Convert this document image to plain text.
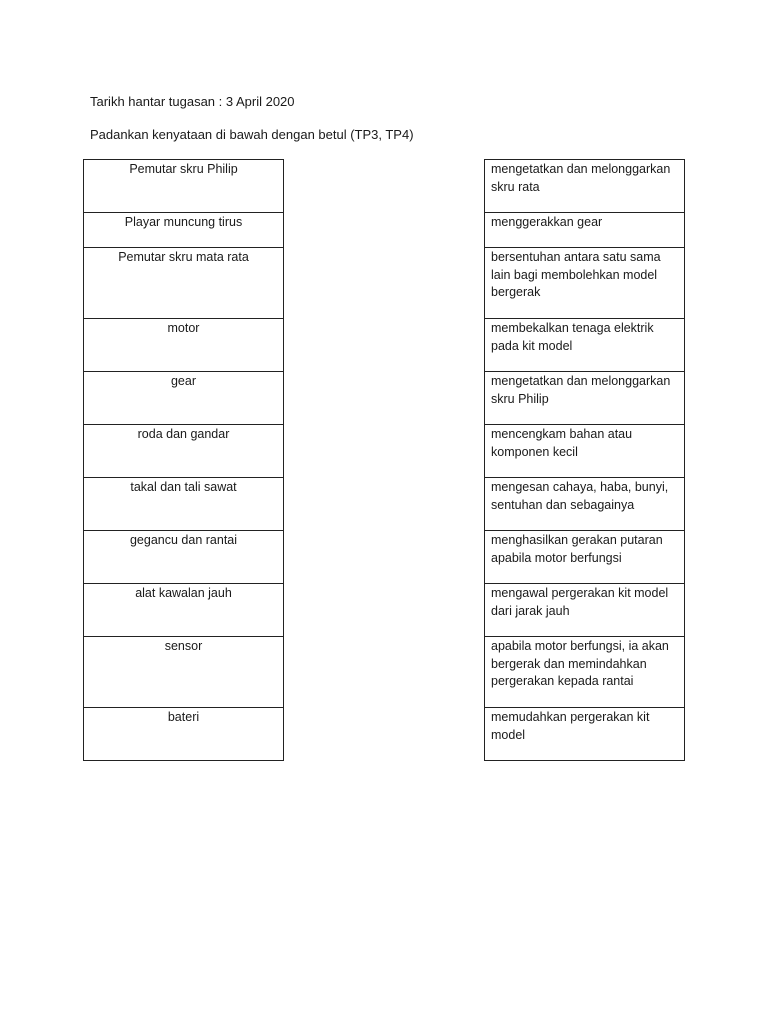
Tarikh hantar tugasan : 3 April 2020
Padankan kenyataan di bawah dengan betul (TP3, TP4)
Pemutar skru Philip
Playar muncung tirus
Pemutar skru mata rata
motor
gear
roda dan gandar
takal dan tali sawat
gegancu dan rantai
alat kawalan jauh
sensor
bateri
mengetatkan dan melonggarkan skru rata
menggerakkan gear
bersentuhan antara satu sama lain bagi membolehkan model bergerak
membekalkan tenaga elektrik pada kit model
mengetatkan dan melonggarkan skru Philip
mencengkam bahan atau komponen kecil
mengesan cahaya, haba, bunyi, sentuhan dan sebagainya
menghasilkan gerakan putaran apabila motor berfungsi
mengawal pergerakan kit model dari jarak jauh
apabila motor berfungsi, ia akan bergerak dan memindahkan pergerakan kepada rantai
memudahkan pergerakan kit model
